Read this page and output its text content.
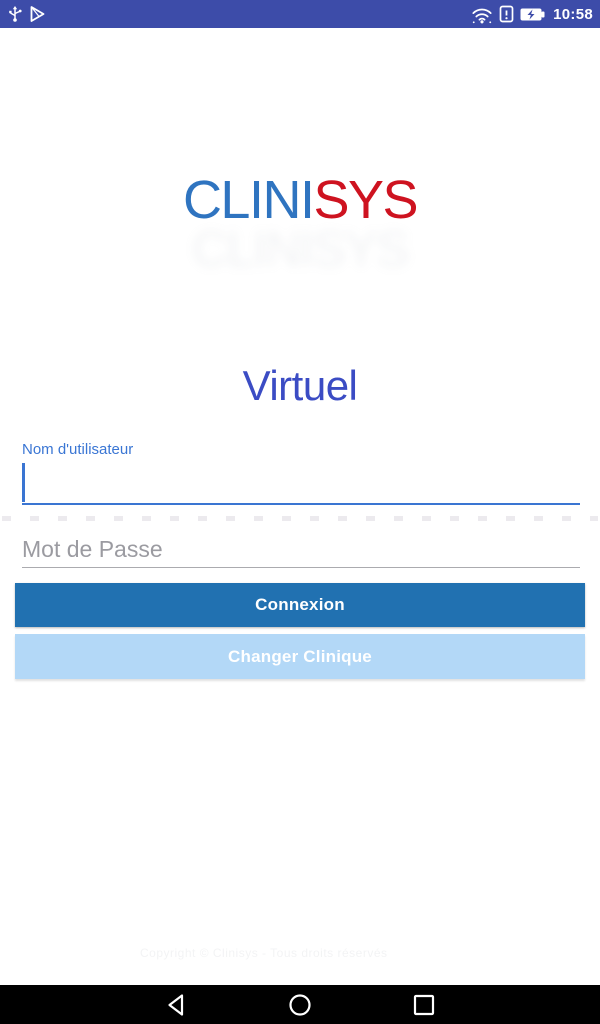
10:58
CLINISYS
CLINISYS
Virtuel
Nom d'utilisateur
Mot de Passe
Connexion
Changer Clinique
Copyright © Clinisys - Tous droits réservés
